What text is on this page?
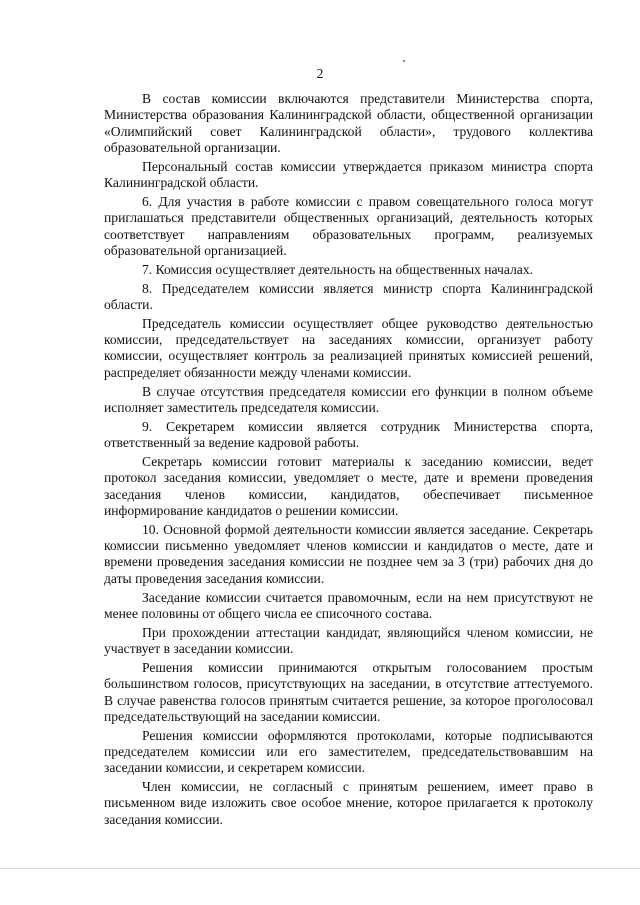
2

В состав комиссии включаются представители Министерства спорта, Министерства образования Калининградской области, общественной организации «Олимпийский совет Калининградской области», трудового коллектива образовательной организации.

Персональный состав комиссии утверждается приказом министра спорта Калининградской области.

6. Для участия в работе комиссии с правом совещательного голоса могут приглашаться представители общественных организаций, деятельность которых соответствует направлениям образовательных программ, реализуемых образовательной организацией.

7. Комиссия осуществляет деятельность на общественных началах.

8. Председателем комиссии является министр спорта Калининградской области.

Председатель комиссии осуществляет общее руководство деятельностью комиссии, председательствует на заседаниях комиссии, организует работу комиссии, осуществляет контроль за реализацией принятых комиссией решений, распределяет обязанности между членами комиссии.

В случае отсутствия председателя комиссии его функции в полном объеме исполняет заместитель председателя комиссии.

9. Секретарем комиссии является сотрудник Министерства спорта, ответственный за ведение кадровой работы.

Секретарь комиссии готовит материалы к заседанию комиссии, ведет протокол заседания комиссии, уведомляет о месте, дате и времени проведения заседания членов комиссии, кандидатов, обеспечивает письменное информирование кандидатов о решении комиссии.

10. Основной формой деятельности комиссии является заседание. Секретарь комиссии письменно уведомляет членов комиссии и кандидатов о месте, дате и времени проведения заседания комиссии не позднее чем за 3 (три) рабочих дня до даты проведения заседания комиссии.

Заседание комиссии считается правомочным, если на нем присутствуют не менее половины от общего числа ее списочного состава.

При прохождении аттестации кандидат, являющийся членом комиссии, не участвует в заседании комиссии.

Решения комиссии принимаются открытым голосованием простым большинством голосов, присутствующих на заседании, в отсутствие аттестуемого. В случае равенства голосов принятым считается решение, за которое проголосовал председательствующий на заседании комиссии.

Решения комиссии оформляются протоколами, которые подписываются председателем комиссии или его заместителем, председательствовавшим на заседании комиссии, и секретарем комиссии.

Член комиссии, не согласный с принятым решением, имеет право в письменном виде изложить свое особое мнение, которое прилагается к протоколу заседания комиссии.
